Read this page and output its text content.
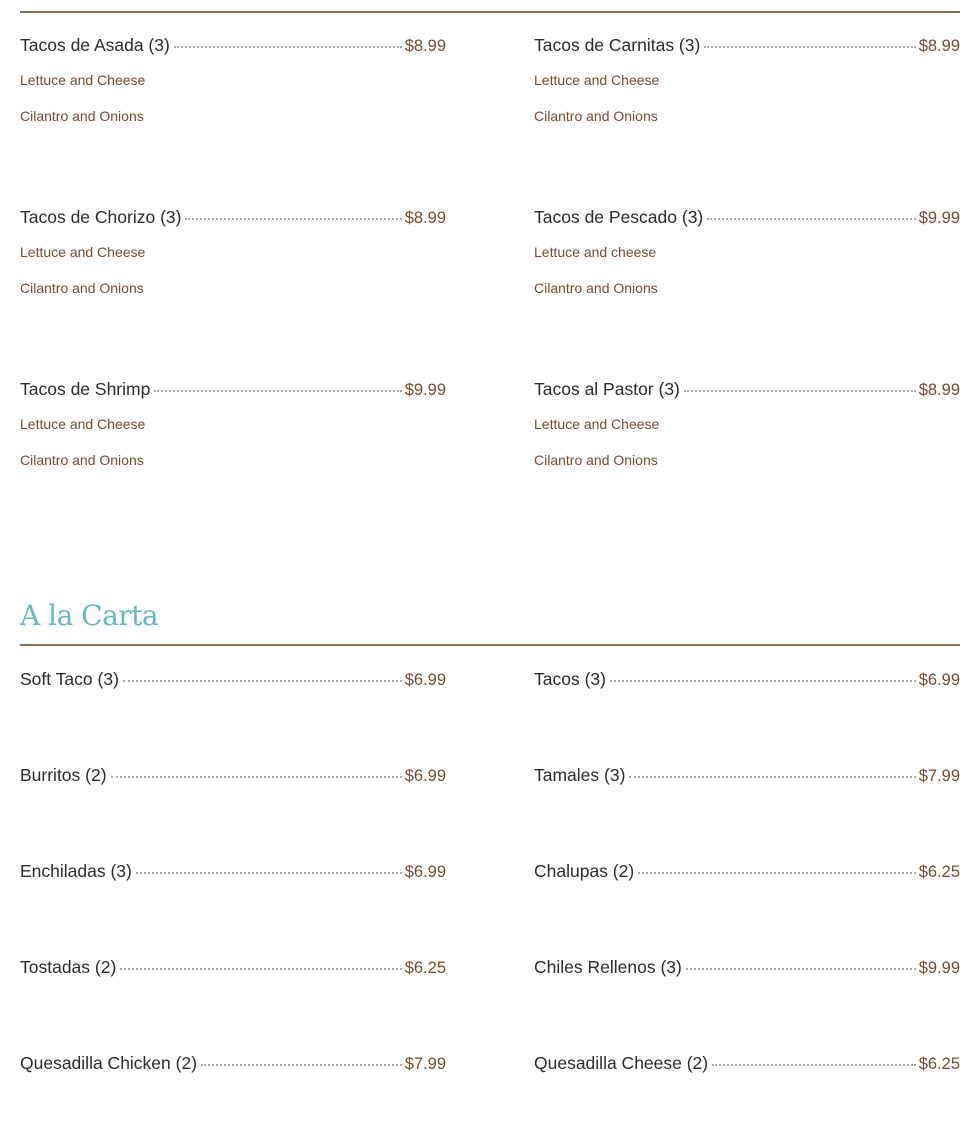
Tacos de Asada (3)	$8.99
Lettuce and Cheese
Cilantro and Onions
Tacos de Carnitas (3)	$8.99
Lettuce and Cheese
Cilantro and Onions
Tacos de Chorizo (3)	$8.99
Lettuce and Cheese
Cilantro and Onions
Tacos de Pescado (3)	$9.99
Lettuce and cheese
Cilantro and Onions
Tacos de Shrimp	$9.99
Lettuce and Cheese
Cilantro and Onions
Tacos al Pastor (3)	$8.99
Lettuce and Cheese
Cilantro and Onions
A la Carta
Soft Taco (3)	$6.99	Tacos (3)	$6.99
Burritos (2)	$6.99	Tamales (3)	$7.99
Enchiladas (3)	$6.99	Chalupas (2)	$6.25
Tostadas (2)	$6.25	Chiles Rellenos (3)	$9.99
Quesadilla Chicken (2)	$7.99	Quesadilla Cheese (2)	$6.25
